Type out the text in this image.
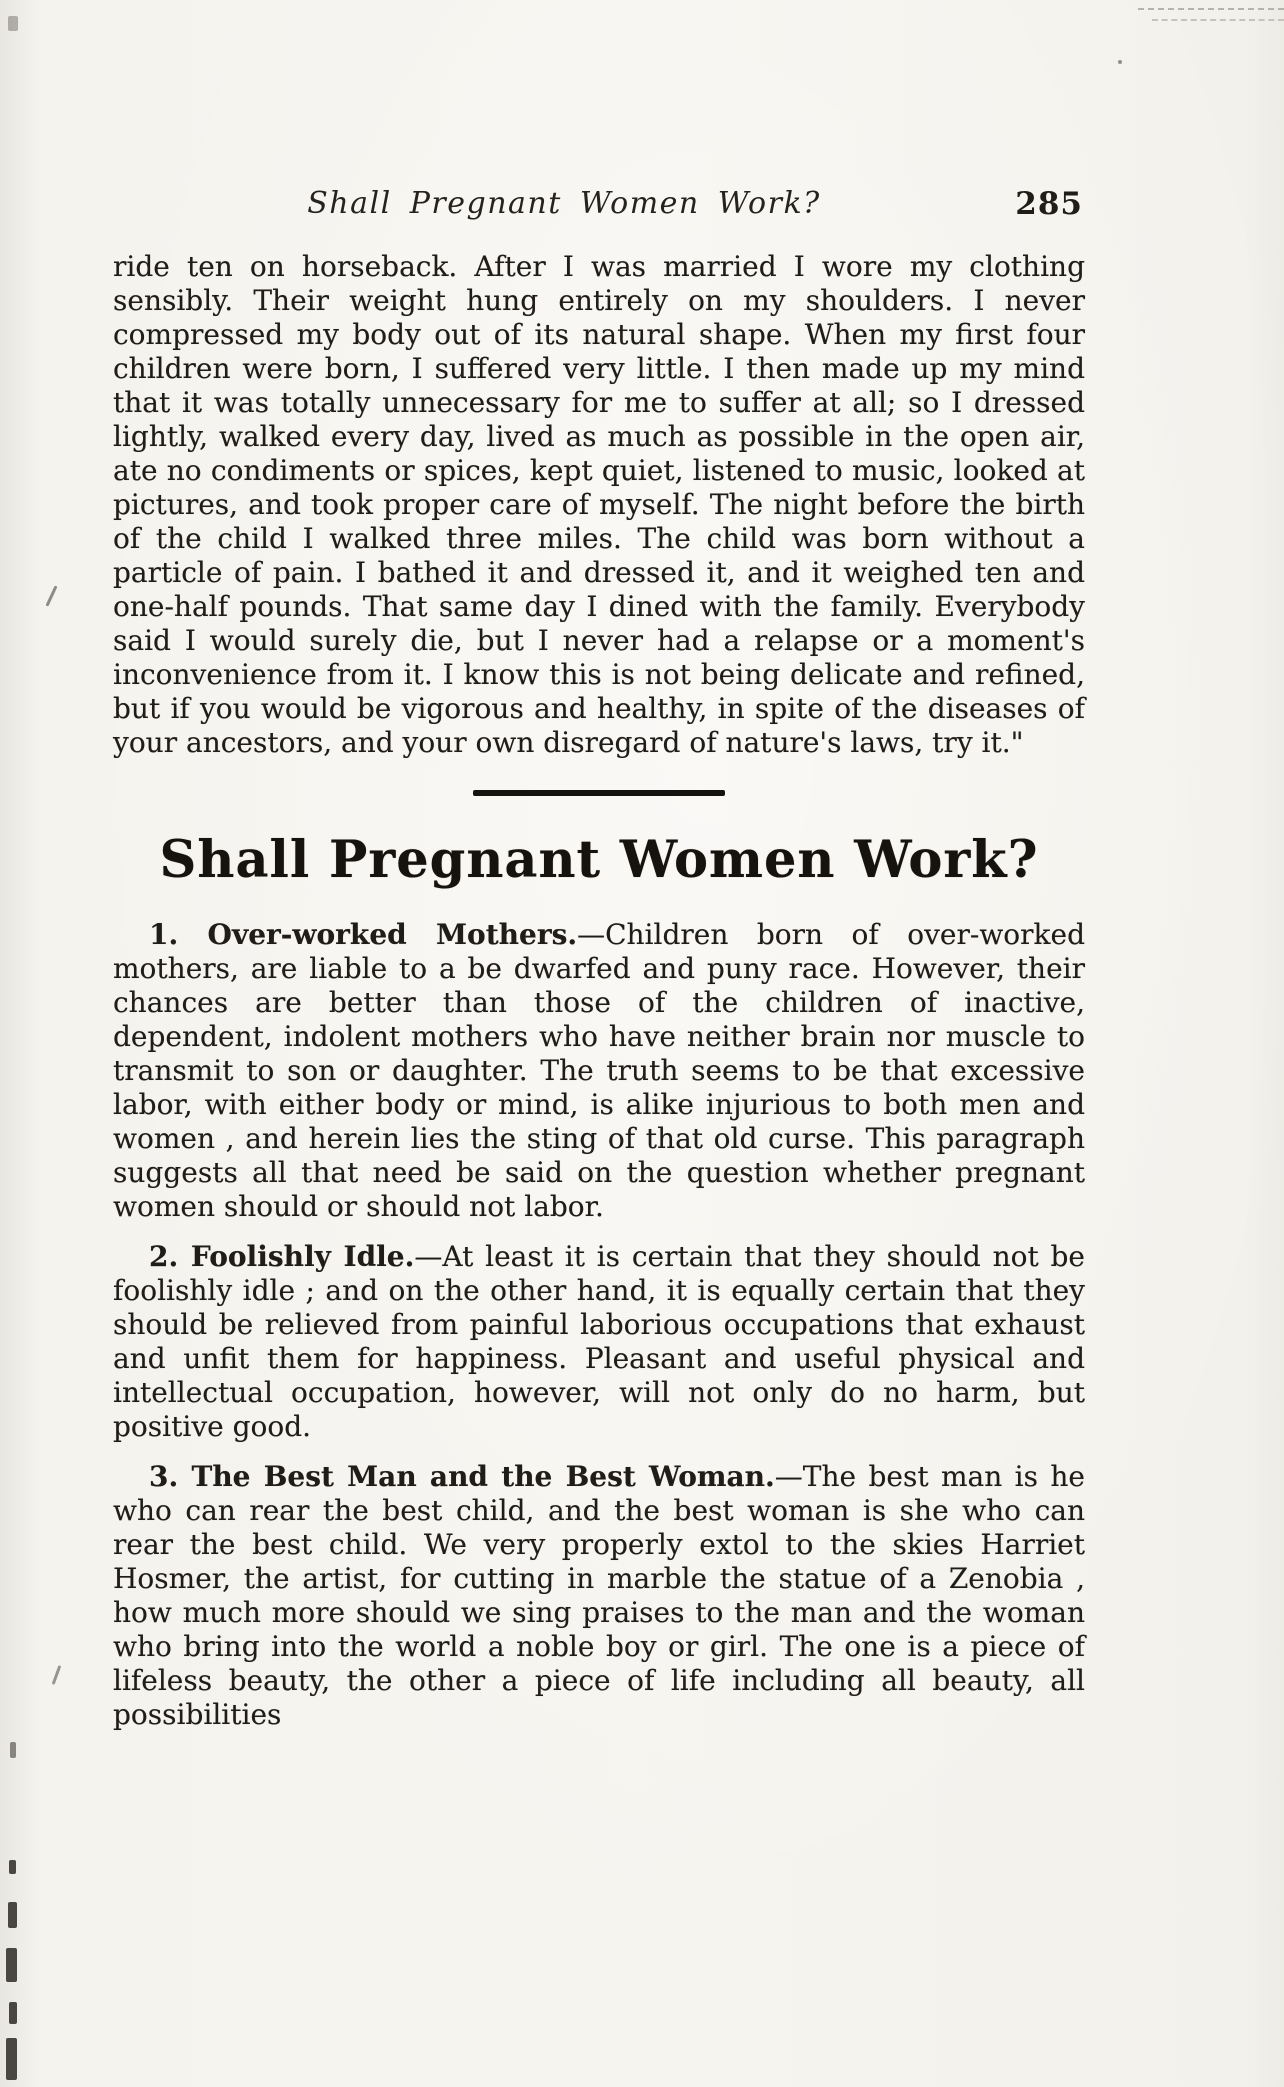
Shall Pregnant Women Work?	285

ride ten on horseback. After I was married I wore my clothing sensibly. Their weight hung entirely on my shoulders. I never compressed my body out of its natural shape. When my first four children were born, I suffered very little. I then made up my mind that it was totally unnecessary for me to suffer at all; so I dressed lightly, walked every day, lived as much as possible in the open air, ate no condiments or spices, kept quiet, listened to music, looked at pictures, and took proper care of myself. The night before the birth of the child I walked three miles. The child was born without a particle of pain. I bathed it and dressed it, and it weighed ten and one-half pounds. That same day I dined with the family. Everybody said I would surely die, but I never had a relapse or a moment's inconvenience from it. I know this is not being delicate and refined, but if you would be vigorous and healthy, in spite of the diseases of your ancestors, and your own disregard of nature's laws, try it."

Shall Pregnant Women Work?

1. Over-worked Mothers.—Children born of over-worked mothers, are liable to a be dwarfed and puny race. However, their chances are better than those of the children of inactive, dependent, indolent mothers who have neither brain nor muscle to transmit to son or daughter. The truth seems to be that excessive labor, with either body or mind, is alike injurious to both men and women , and herein lies the sting of that old curse. This paragraph suggests all that need be said on the question whether pregnant women should or should not labor.

2. Foolishly Idle.—At least it is certain that they should not be foolishly idle ; and on the other hand, it is equally certain that they should be relieved from painful laborious occupations that exhaust and unfit them for happiness. Pleasant and useful physical and intellectual occupation, however, will not only do no harm, but positive good.

3. The Best Man and the Best Woman.—The best man is he who can rear the best child, and the best woman is she who can rear the best child. We very properly extol to the skies Harriet Hosmer, the artist, for cutting in marble the statue of a Zenobia , how much more should we sing praises to the man and the woman who bring into the world a noble boy or girl. The one is a piece of lifeless beauty, the other a piece of life including all beauty, all possibilities
